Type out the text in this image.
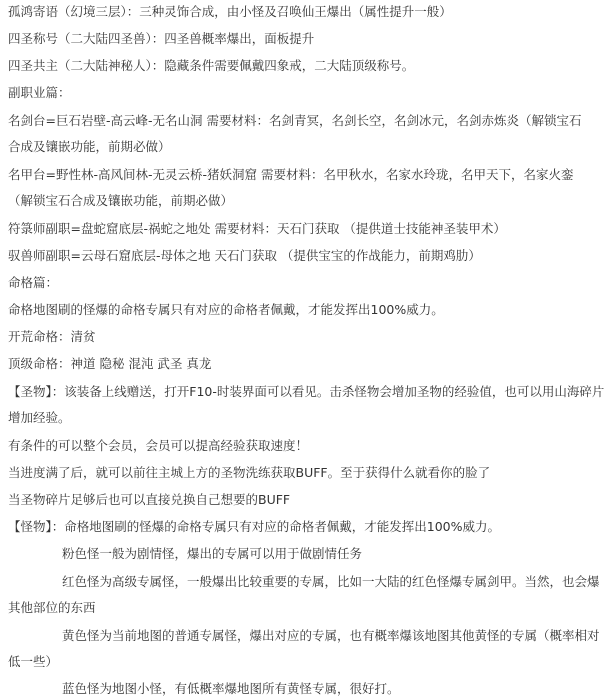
孤鸿寄语（幻境三层）：三种灵饰合成，由小怪及召唤仙王爆出（属性提升一般）
四圣称号（二大陆四圣兽）：四圣兽概率爆出，面板提升
四圣共主（二大陆神秘人）：隐藏条件需要佩戴四象戒，二大陆顶级称号。
副职业篇：
名剑台=巨石岩壁-高云峰-无名山洞 需要材料：名剑青冥，名剑长空，名剑冰元，名剑赤炼炎（解锁宝石
合成及镶嵌功能，前期必做）
名甲台=野性林-高风间林-无灵云桥-猪妖洞窟 需要材料：名甲秋水，名家水玲珑，名甲天下，名家火銮
（解锁宝石合成及镶嵌功能，前期必做）
符箓师副职=盘蛇窟底层-祸蛇之地处 需要材料：天石门获取 （提供道士技能神圣装甲术）
驭兽师副职=云母石窟底层-母体之地 天石门获取 （提供宝宝的作战能力，前期鸡肋）
命格篇：
命格地图刷的怪爆的命格专属只有对应的命格者佩戴，才能发挥出100%威力。
开荒命格：清贫
顶级命格：神道 隐秘 混沌 武圣 真龙
【圣物】：该装备上线赠送，打开F10-时装界面可以看见。击杀怪物会增加圣物的经验值，也可以用山海碎片
增加经验。
有条件的可以整个会员，会员可以提高经验获取速度！
当进度满了后，就可以前往主城上方的圣物洗练获取BUFF。至于获得什么就看你的脸了
当圣物碎片足够后也可以直接兑换自己想要的BUFF
【怪物】：命格地图刷的怪爆的命格专属只有对应的命格者佩戴，才能发挥出100%威力。
粉色怪一般为剧情怪，爆出的专属可以用于做剧情任务
红色怪为高级专属怪，一般爆出比较重要的专属，比如一大陆的红色怪爆专属剑甲。当然，也会爆
其他部位的东西
黄色怪为当前地图的普通专属怪，爆出对应的专属，也有概率爆该地图其他黄怪的专属（概率相对
低一些）
蓝色怪为地图小怪，有低概率爆地图所有黄怪专属，很好打。
